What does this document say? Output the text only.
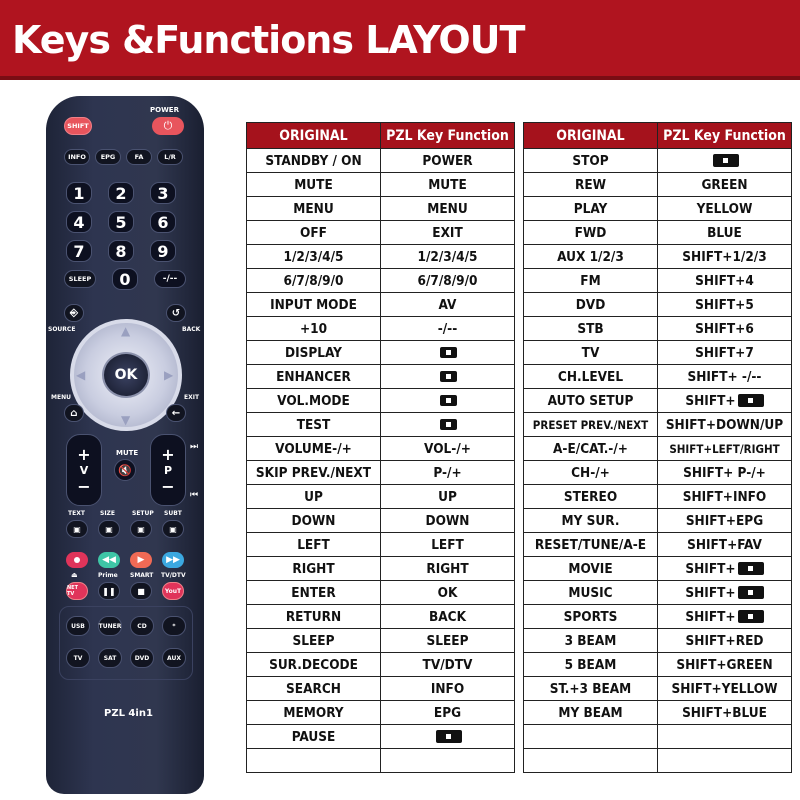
Keys &Functions LAYOUT
SHIFT
POWER
⏻
SLEEP 0	-/--
⎆
SOURCE
↺
BACK
▲
▼
◀	▶
OK
MENU
⌂
EXIT
←
+
V
−
MUTE
🔇
+
P
−
⏭
⏮
◀◀ ▶ ▶▶
⏏	Prime SMART TV/DTV
NET TV	❚❚	■	YouT
PZL 4in1
INFO EPG	FA	L/R
1 2 3
4 5 6
7 8 9
TEXT
▣
SIZE
▣
SETUP
▣
SUBT
▣
USB TUNER	CD	*
TV	SAT	DVD	AUX
ORIGINAL	PZL Key Function
STANDBY / ON	POWER
MUTE	MUTE
MENU	MENU
OFF	EXIT
1/2/3/4/5	1/2/3/4/5
6/7/8/9/0	6/7/8/9/0
INPUT MODE	AV
+10	-/--
DISPLAY	
ENHANCER	
VOL.MODE	
TEST	
VOLUME-/+	VOL-/+
SKIP PREV./NEXT	P-/+
UP	UP
DOWN	DOWN
LEFT	LEFT
RIGHT	RIGHT
ENTER	OK
RETURN	BACK
SLEEP	SLEEP
SUR.DECODE	TV/DTV
SEARCH	INFO
MEMORY	EPG
PAUSE	

ORIGINAL	PZL Key Function
STOP	
REW	GREEN
PLAY	YELLOW
FWD	BLUE
AUX 1/2/3	SHIFT+1/2/3
FM	SHIFT+4
DVD	SHIFT+5
STB	SHIFT+6
TV	SHIFT+7
CH.LEVEL	SHIFT+ -/--
AUTO SETUP	SHIFT+
PRESET PREV./NEXT	SHIFT+DOWN/UP
A-E/CAT.-/+	SHIFT+LEFT/RIGHT
CH-/+	SHIFT+ P-/+
STEREO	SHIFT+INFO
MY SUR.	SHIFT+EPG
RESET/TUNE/A-E	SHIFT+FAV
MOVIE	SHIFT+
MUSIC	SHIFT+
SPORTS	SHIFT+
3 BEAM	SHIFT+RED
5 BEAM	SHIFT+GREEN
ST.+3 BEAM	SHIFT+YELLOW
MY BEAM	SHIFT+BLUE
